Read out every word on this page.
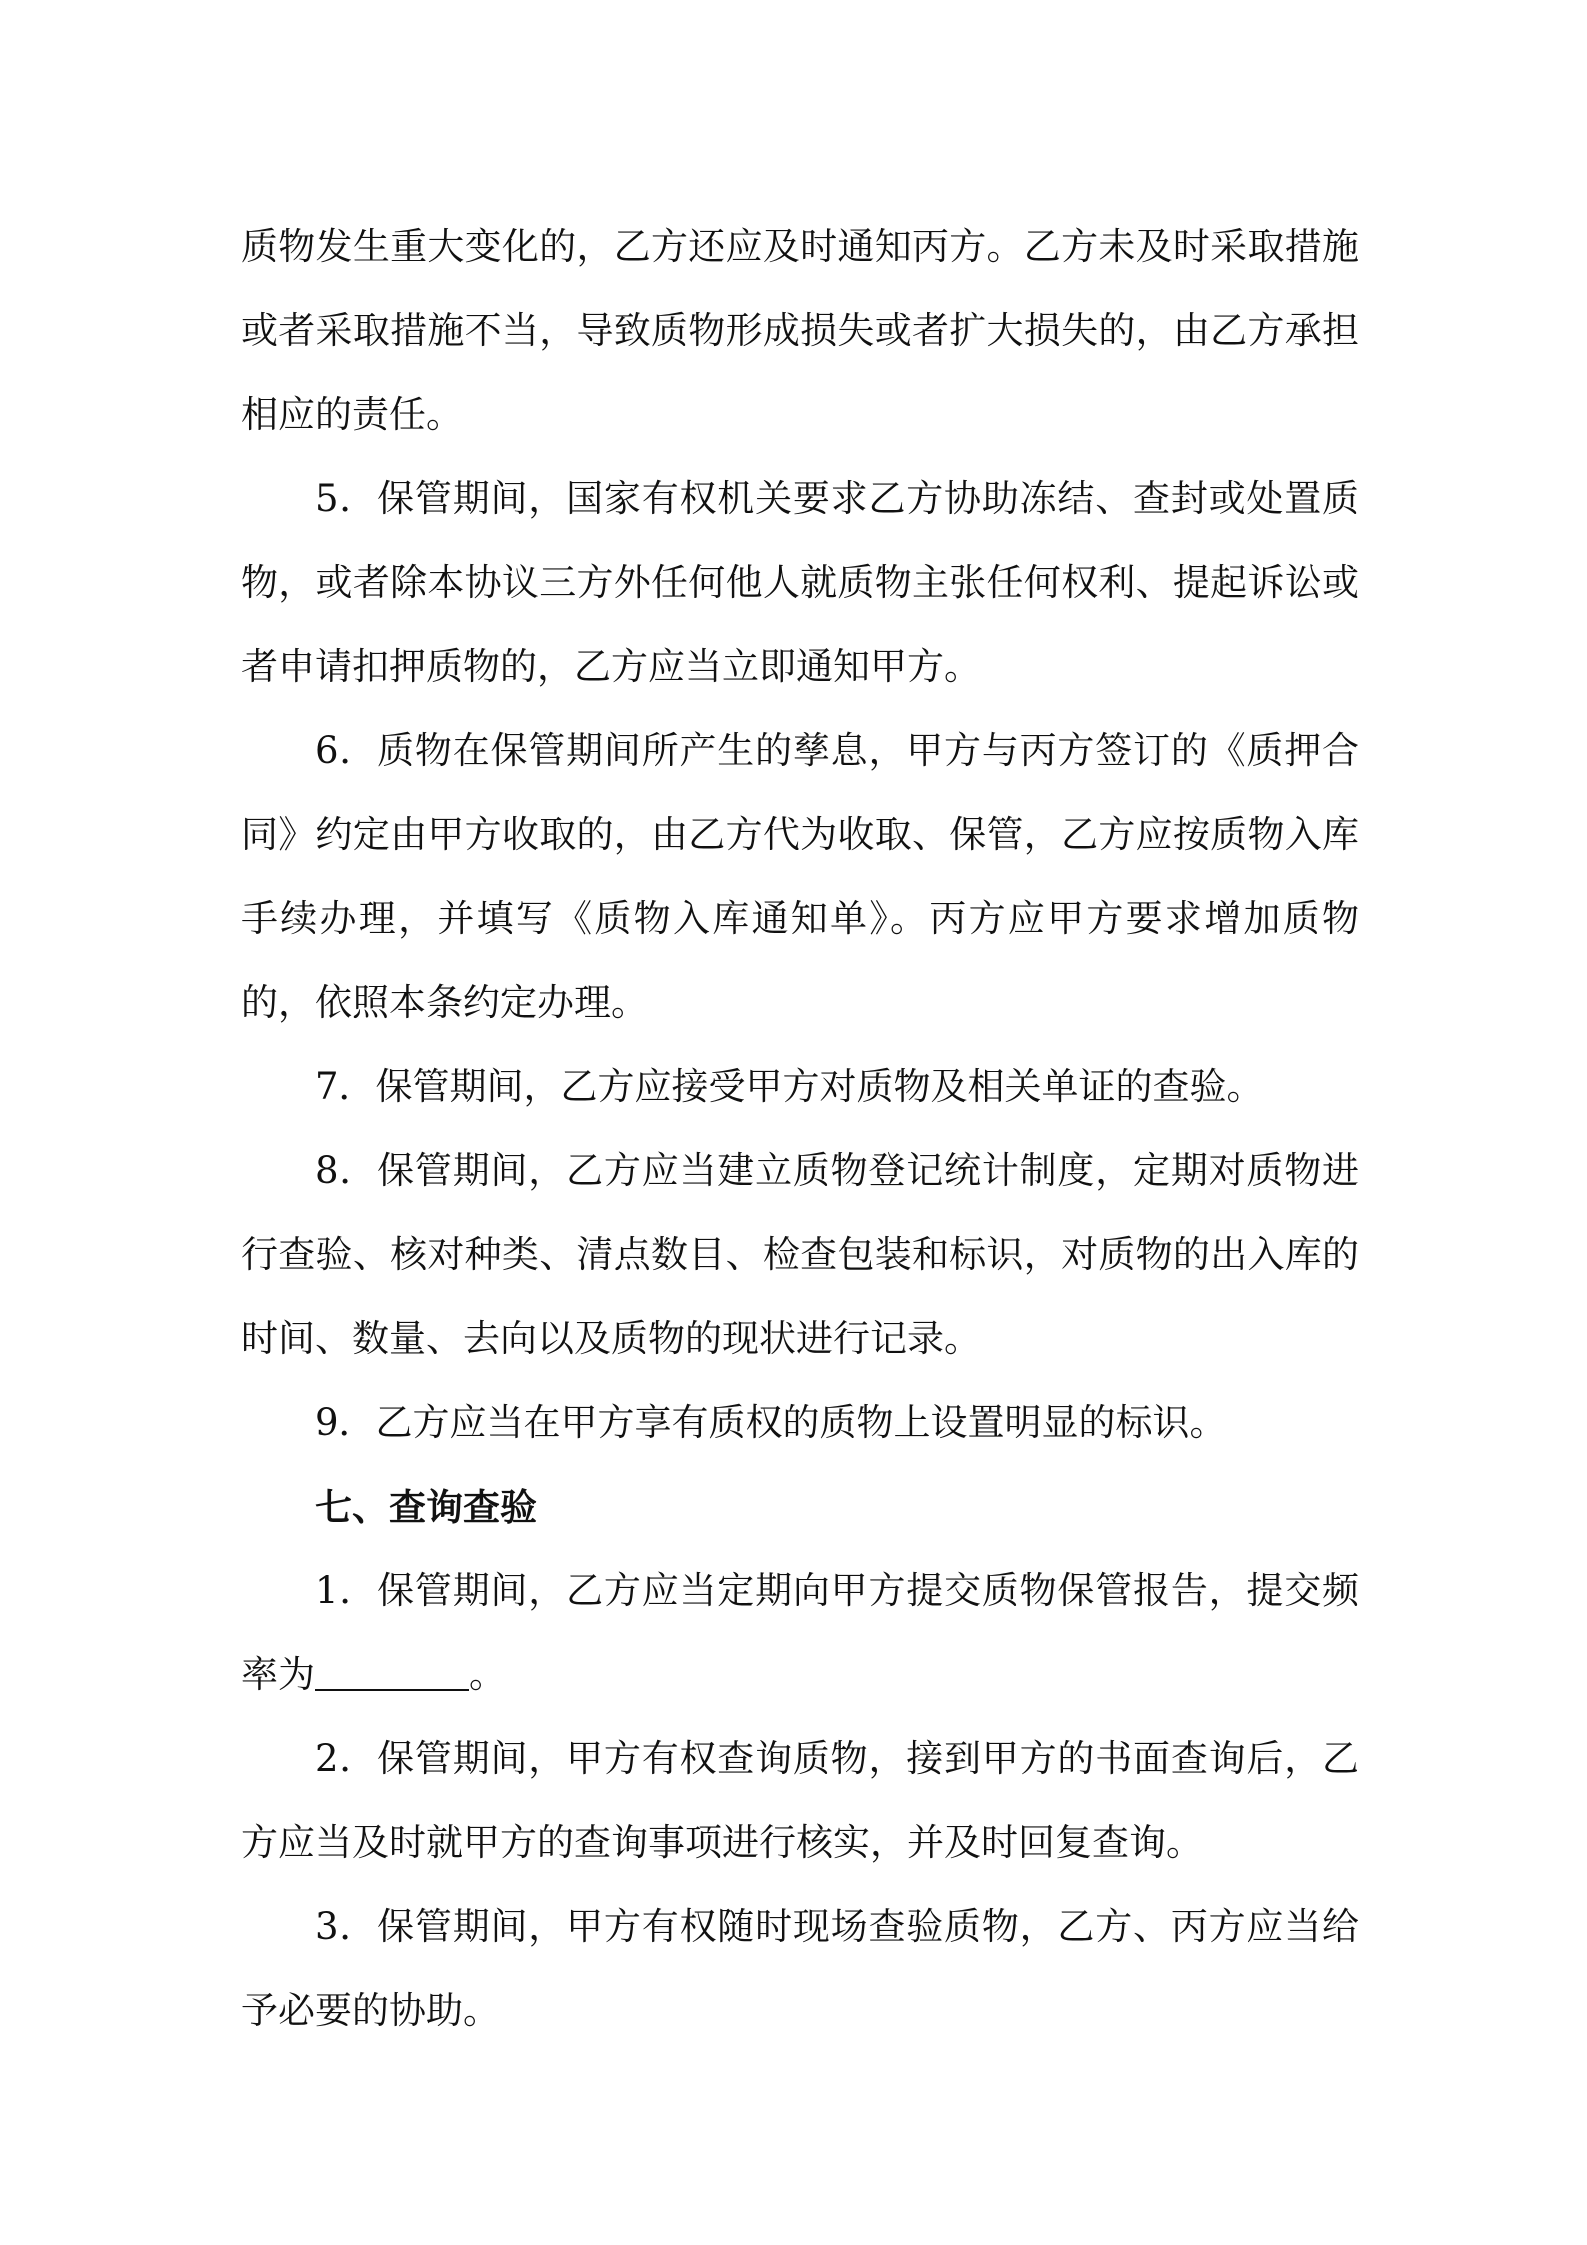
质物发生重大变化的，乙方还应及时通知丙方。乙方未及时采取措施或者采取措施不当，导致质物形成损失或者扩大损失的，由乙方承担相应的责任。

5．保管期间，国家有权机关要求乙方协助冻结、查封或处置质物，或者除本协议三方外任何他人就质物主张任何权利、提起诉讼或者申请扣押质物的，乙方应当立即通知甲方。

6．质物在保管期间所产生的孳息，甲方与丙方签订的《质押合同》约定由甲方收取的，由乙方代为收取、保管，乙方应按质物入库手续办理，并填写《质物入库通知单》。丙方应甲方要求增加质物的，依照本条约定办理。

7．保管期间，乙方应接受甲方对质物及相关单证的查验。

8．保管期间，乙方应当建立质物登记统计制度，定期对质物进行查验、核对种类、清点数目、检查包装和标识，对质物的出入库的时间、数量、去向以及质物的现状进行记录。

9．乙方应当在甲方享有质权的质物上设置明显的标识。

七、查询查验

1．保管期间，乙方应当定期向甲方提交质物保管报告，提交频率为	。

2．保管期间，甲方有权查询质物，接到甲方的书面查询后，乙方应当及时就甲方的查询事项进行核实，并及时回复查询。

3．保管期间，甲方有权随时现场查验质物，乙方、丙方应当给予必要的协助。
